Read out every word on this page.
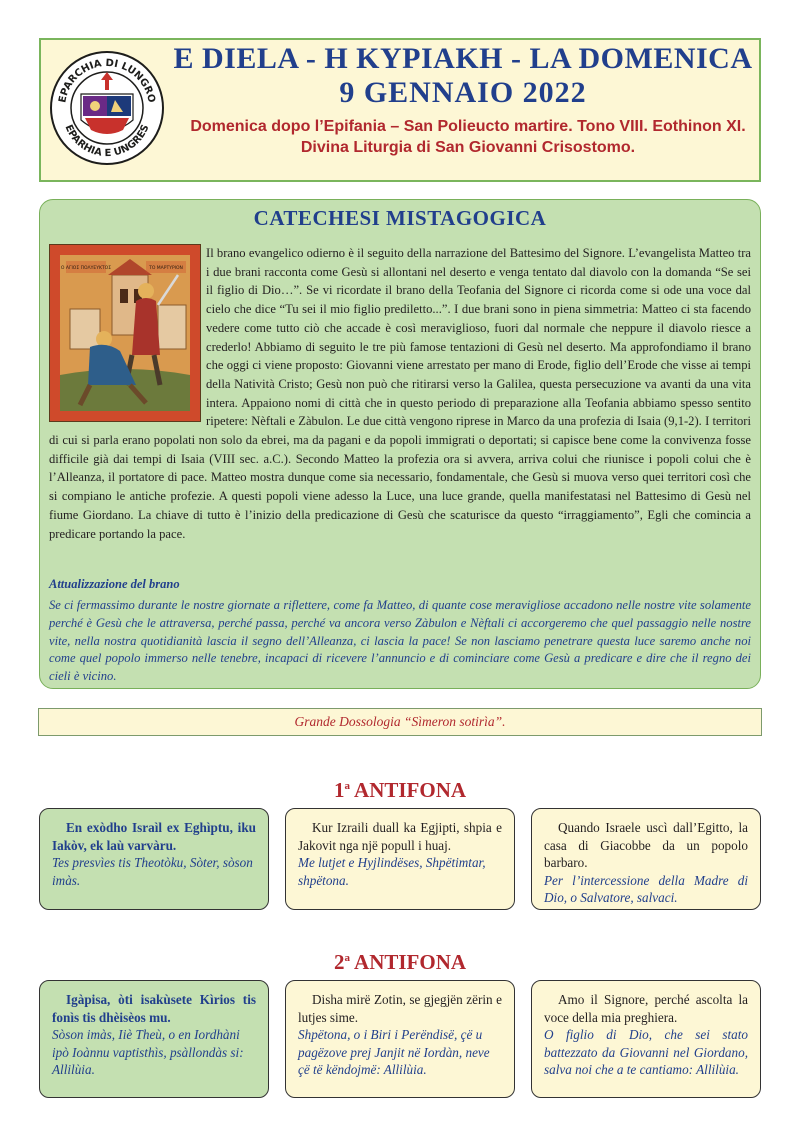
EPARCHIA DI LUNGRO
EPARHIA E UNGRES
E DIELA - Η ΚΥΡΙΑΚΗ - LA DOMENICA
9 GENNAIO 2022
Domenica dopo l’Epifania – San Polieucto martire. Tono VIII. Eothinon XI.
Divina Liturgia di San Giovanni Crisostomo.
CATECHESI MISTAGOGICA
Ο ΑΓΙΟΣ ΠΟΛΥΕΥΚΤΟΣ	ΤΟ ΜΑΡΤΥΡΙΟΝ

Il brano evangelico odierno è il seguito della narrazione del Battesimo del Signore. L’evangelista Matteo tra i due brani racconta come Gesù si allontani nel deserto e venga tentato dal diavolo con la domanda “Se sei il figlio di Dio…”. Se vi ricordate il brano della Teofania del Signore ci ricorda come si ode una voce dal cielo che dice “Tu sei il mio figlio prediletto...”. I due brani sono in piena simmetria: Matteo ci sta facendo vedere come tutto ciò che accade è così meraviglioso, fuori dal normale che neppure il diavolo riesce a crederlo! Abbiamo di seguito le tre più famose tentazioni di Gesù nel deserto. Ma approfondiamo il brano che oggi ci viene proposto: Giovanni viene arrestato per mano di Erode, figlio dell’Erode che visse ai tempi della Natività Cristo; Gesù non può che ritirarsi verso la Galilea, questa persecuzione va avanti da una vita intera. Appaiono nomi di città che in questo periodo di preparazione alla Teofania abbiamo spesso sentito ripetere: Nèftali e Zàbulon. Le due città vengono riprese in Marco da una profezia di Isaia (9,1-2). I territori di cui si parla erano popolati non solo da ebrei, ma da pagani e da popoli immigrati o deportati; si capisce bene come la convivenza fosse difficile già dai tempi di Isaia (VIII sec. a.C.). Secondo Matteo la profezia ora si avvera, arriva colui che riunisce i popoli colui che è l’Alleanza, il portatore di pace. Matteo mostra dunque come sia necessario, fondamentale, che Gesù si muova verso quei territori così che si compiano le antiche profezie. A questi popoli viene adesso la Luce, una luce grande, quella manifestatasi nel Battesimo di Gesù nel fiume Giordano. La chiave di tutto è l’inizio della predicazione di Gesù che scaturisce da questo “irraggiamento”, Egli che comincia a predicare portando la pace.

Attualizzazione del brano

Se ci fermassimo durante le nostre giornate a riflettere, come fa Matteo, di quante cose meravigliose accadono nelle nostre vite solamente perché è Gesù che le attraversa, perché passa, perché va ancora verso Zàbulon e Nèftali ci accorgeremo che quel passaggio nelle nostre vite, nella nostra quotidianità lascia il segno dell’Alleanza, ci lascia la pace! Se non lasciamo penetrare questa luce saremo anche noi come quel popolo immerso nelle tenebre, incapaci di ricevere l’annuncio e di cominciare come Gesù a predicare e dire che il regno dei cieli è vicino.

Grande Dossologia “Sìmeron sotirìa”.
1$^a$ ANTIFONA

En exòdho Israìl ex Eghìptu, iku Iakòv, ek laù varvàru.

Tes presvìes tis Theotòku, Sòter, sòson imàs.

Kur Izraili duall ka Egjipti, shpia e Jakovit nga një popull i huaj.

Me lutjet e Hyjlindëses, Shpëtimtar, shpëtona.

Quando Israele uscì dall’Egitto, la casa di Giacobbe da un popolo barbaro.

Per l’intercessione della Madre di Dio, o Salvatore, salvaci.

2$^a$ ANTIFONA

Igàpisa, òti isakùsete Kìrios tis fonìs tis dhèisèos mu.

Sòson imàs, Iiè Theù, o en Iordhàni ipò Ioànnu vaptisthìs, psàllondàs si: Allilùia.

Disha mirë Zotin, se gjegjën zërin e lutjes sime.

Shpëtona, o i Biri i Perëndisë, çë u pagëzove prej Janjit në Iordàn, neve çë të këndojmë: Allilùia.

Amo il Signore, perché ascolta la voce della mia preghiera.

O figlio di Dio, che sei stato battezzato da Giovanni nel Giordano, salva noi che a te cantiamo: Allilùia.
